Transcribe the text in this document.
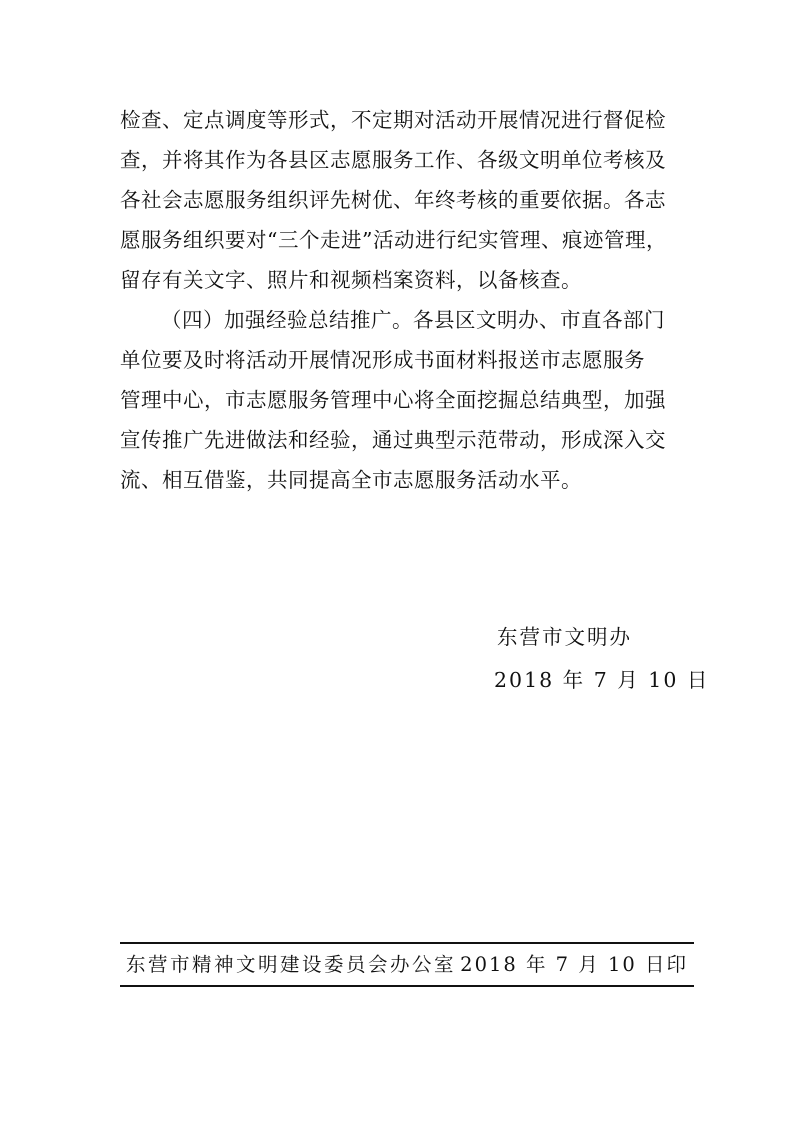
检查、定点调度等形式，不定期对活动开展情况进行督促检
查，并将其作为各县区志愿服务工作、各级文明单位考核及
各社会志愿服务组织评先树优、年终考核的重要依据。各志
愿服务组织要对“三个走进”活动进行纪实管理、痕迹管理，
留存有关文字、照片和视频档案资料，以备核查。
（四）加强经验总结推广。各县区文明办、市直各部门
单位要及时将活动开展情况形成书面材料报送市志愿服务
管理中心，市志愿服务管理中心将全面挖掘总结典型，加强
宣传推广先进做法和经验，通过典型示范带动，形成深入交
流、相互借鉴，共同提高全市志愿服务活动水平。
东营市文明办
2018 年 7 月 10 日
东营市精神文明建设委员会办公室 2018 年 7 月 10 日印
